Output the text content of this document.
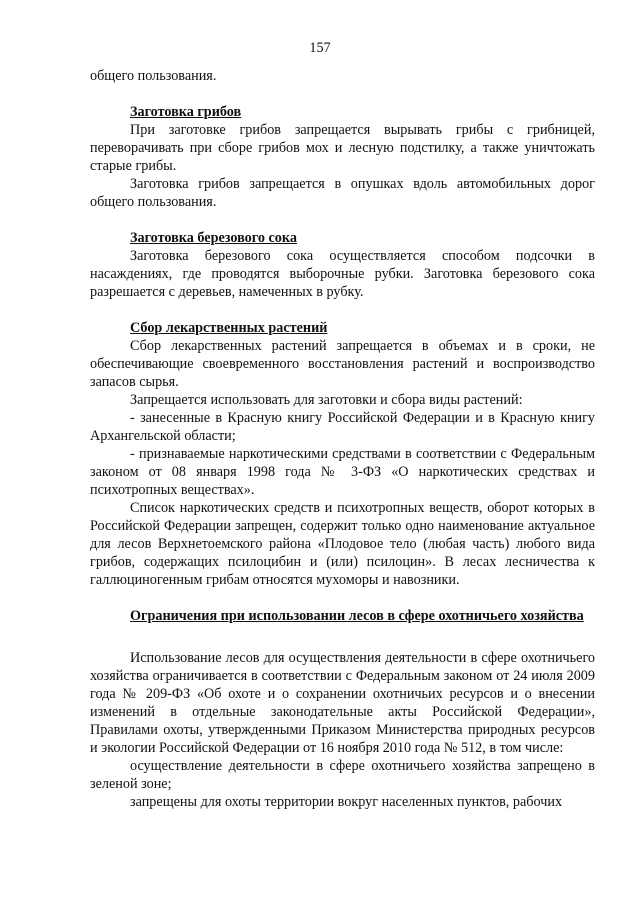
157

общего пользования.

Заготовка грибов

При заготовке грибов запрещается вырывать грибы с грибницей, переворачивать при сборе грибов мох и лесную подстилку, а также уничтожать старые грибы.

Заготовка грибов запрещается в опушках вдоль автомобильных дорог общего пользования.

Заготовка березового сока

Заготовка березового сока осуществляется способом подсочки в насаждениях, где проводятся выборочные рубки. Заготовка березового сока разрешается с деревьев, намеченных в рубку.

Сбор лекарственных растений

Сбор лекарственных растений запрещается в объемах и в сроки, не обеспечивающие своевременного восстановления растений и воспроизводство запасов сырья.

Запрещается использовать для заготовки и сбора виды растений:

- занесенные в Красную книгу Российской Федерации и в Красную книгу Архангельской области;

- признаваемые наркотическими средствами в соответствии с Федеральным законом от 08 января 1998 года № 3-ФЗ «О наркотических средствах и психотропных веществах».

Список наркотических средств и психотропных веществ, оборот которых в Российской Федерации запрещен, содержит только одно наименование актуальное для лесов Верхнетоемского района «Плодовое тело (любая часть) любого вида грибов, содержащих псилоцибин и (или) псилоцин». В лесах лесничества к галлюциногенным грибам относятся мухоморы и навозники.

Ограничения при использовании лесов в сфере охотничьего хозяйства

Использование лесов для осуществления деятельности в сфере охотничьего хозяйства ограничивается в соответствии с Федеральным законом от 24 июля 2009 года № 209-ФЗ «Об охоте и о сохранении охотничьих ресурсов и о внесении изменений в отдельные законодательные акты Российской Федерации», Правилами охоты, утвержденными Приказом Министерства природных ресурсов и экологии Российской Федерации от 16 ноября 2010 года № 512, в том числе:

осуществление деятельности в сфере охотничьего хозяйства запрещено в зеленой зоне;

запрещены для охоты территории вокруг населенных пунктов, рабочих
